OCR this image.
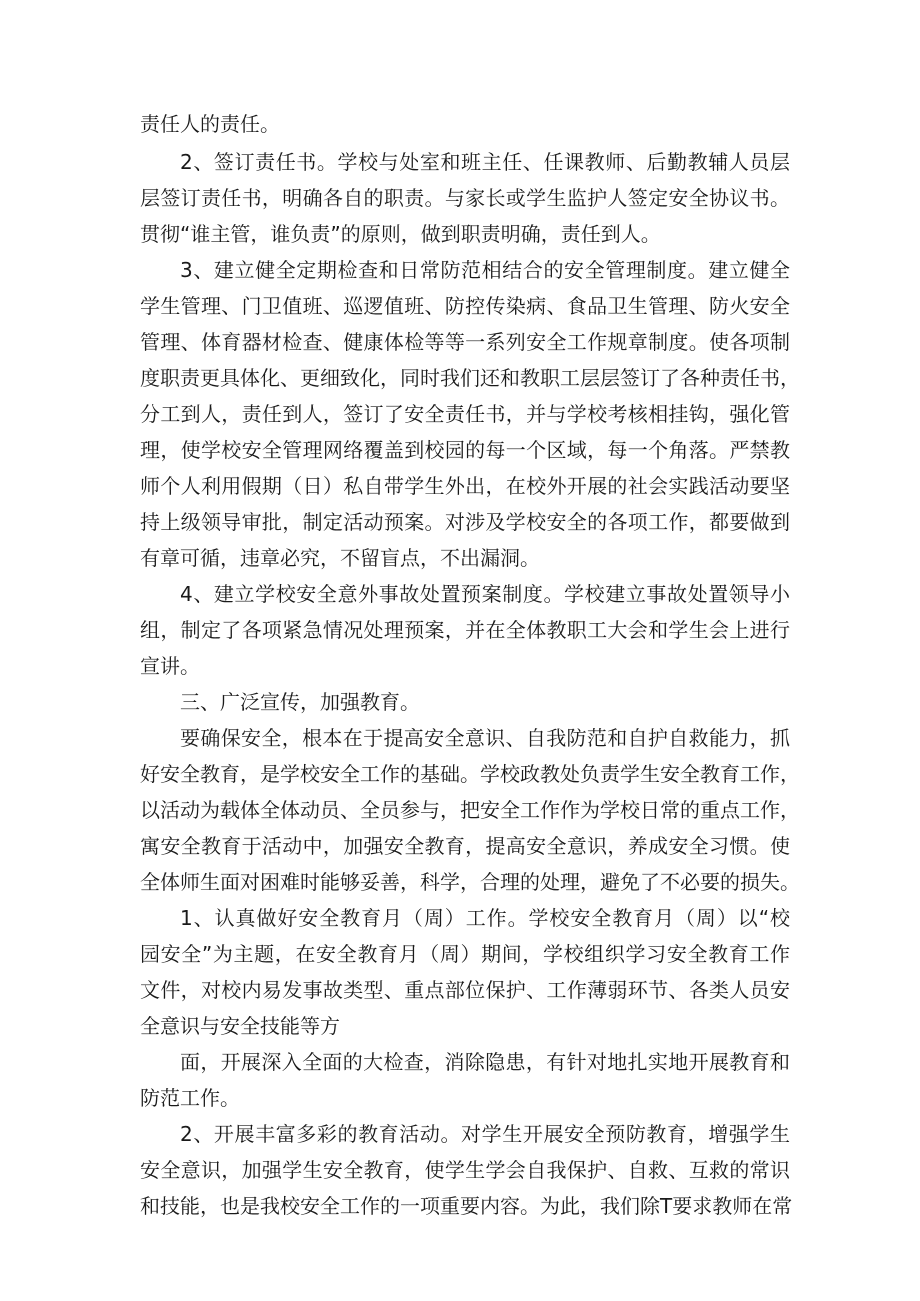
责任人的责任。

2、签订责任书。学校与处室和班主任、任课教师、后勤教辅人员层

层签订责任书，明确各自的职责。与家长或学生监护人签定安全协议书。

贯彻“谁主管，谁负责”的原则，做到职责明确，责任到人。

3、建立健全定期检查和日常防范相结合的安全管理制度。建立健全

学生管理、门卫值班、巡逻值班、防控传染病、食品卫生管理、防火安全

管理、体育器材检查、健康体检等等一系列安全工作规章制度。使各项制

度职责更具体化、更细致化，同时我们还和教职工层层签订了各种责任书，

分工到人，责任到人，签订了安全责任书，并与学校考核相挂钩，强化管

理，使学校安全管理网络覆盖到校园的每一个区域，每一个角落。严禁教

师个人利用假期（日）私自带学生外出，在校外开展的社会实践活动要坚

持上级领导审批，制定活动预案。对涉及学校安全的各项工作，都要做到

有章可循，违章必究，不留盲点，不出漏洞。

4、建立学校安全意外事故处置预案制度。学校建立事故处置领导小

组，制定了各项紧急情况处理预案，并在全体教职工大会和学生会上进行

宣讲。

三、广泛宣传，加强教育。

要确保安全，根本在于提高安全意识、自我防范和自护自救能力，抓

好安全教育，是学校安全工作的基础。学校政教处负责学生安全教育工作，

以活动为载体全体动员、全员参与，把安全工作作为学校日常的重点工作，

寓安全教育于活动中，加强安全教育，提高安全意识，养成安全习惯。使

全体师生面对困难时能够妥善，科学，合理的处理，避免了不必要的损失。

1、认真做好安全教育月（周）工作。学校安全教育月（周）以“校

园安全”为主题，在安全教育月（周）期间，学校组织学习安全教育工作

文件，对校内易发事故类型、重点部位保护、工作薄弱环节、各类人员安

全意识与安全技能等方

面，开展深入全面的大检查，消除隐患，有针对地扎实地开展教育和

防范工作。

2、开展丰富多彩的教育活动。对学生开展安全预防教育，增强学生

安全意识，加强学生安全教育，使学生学会自我保护、自救、互救的常识

和技能，也是我校安全工作的一项重要内容。为此，我们除T要求教师在常
